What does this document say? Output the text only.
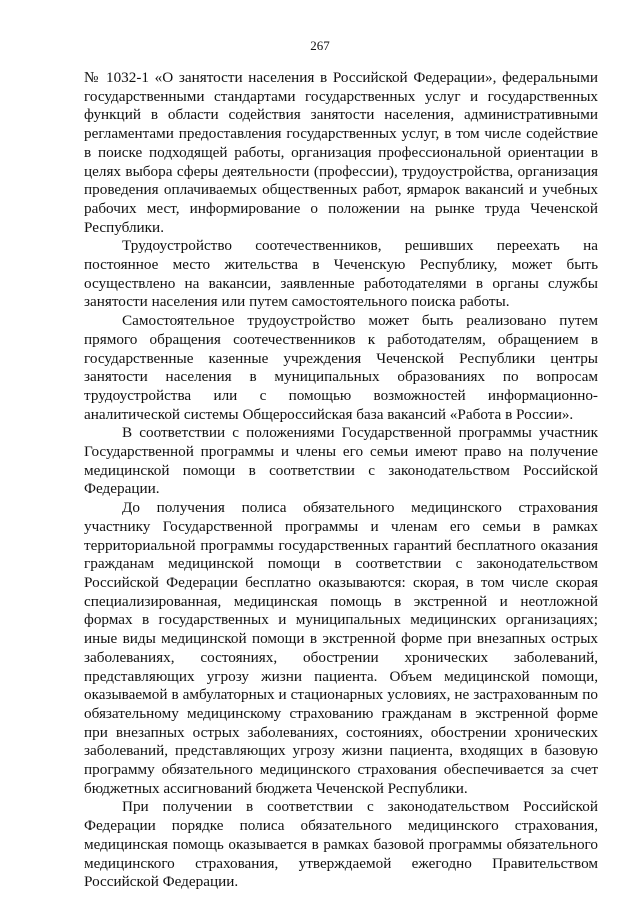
267

№ 1032-1 «О занятости населения в Российской Федерации», федеральными государственными стандартами государственных услуг и государственных функций в области содействия занятости населения, административными регламентами предоставления государственных услуг, в том числе содействие в поиске подходящей работы, организация профессиональной ориентации в целях выбора сферы деятельности (профессии), трудоустройства, организация проведения оплачиваемых общественных работ, ярмарок вакансий и учебных рабочих мест, информирование о положении на рынке труда Чеченской Республики.

Трудоустройство соотечественников, решивших переехать на постоянное место жительства в Чеченскую Республику, может быть осуществлено на вакансии, заявленные работодателями в органы службы занятости населения или путем самостоятельного поиска работы.

Самостоятельное трудоустройство может быть реализовано путем прямого обращения соотечественников к работодателям, обращением в государственные казенные учреждения Чеченской Республики центры занятости населения в муниципальных образованиях по вопросам трудоустройства или с помощью возможностей информационно-аналитической системы Общероссийская база вакансий «Работа в России».

В соответствии с положениями Государственной программы участник Государственной программы и члены его семьи имеют право на получение медицинской помощи в соответствии с законодательством Российской Федерации.

До получения полиса обязательного медицинского страхования участнику Государственной программы и членам его семьи в рамках территориальной программы государственных гарантий бесплатного оказания гражданам медицинской помощи в соответствии с законодательством Российской Федерации бесплатно оказываются: скорая, в том числе скорая специализированная, медицинская помощь в экстренной и неотложной формах в государственных и муниципальных медицинских организациях; иные виды медицинской помощи в экстренной форме при внезапных острых заболеваниях, состояниях, обострении хронических заболеваний, представляющих угрозу жизни пациента. Объем медицинской помощи, оказываемой в амбулаторных и стационарных условиях, не застрахованным по обязательному медицинскому страхованию гражданам в экстренной форме при внезапных острых заболеваниях, состояниях, обострении хронических заболеваний, представляющих угрозу жизни пациента, входящих в базовую программу обязательного медицинского страхования обеспечивается за счет бюджетных ассигнований бюджета Чеченской Республики.

При получении в соответствии с законодательством Российской Федерации порядке полиса обязательного медицинского страхования, медицинская помощь оказывается в рамках базовой программы обязательного медицинского страхования, утверждаемой ежегодно Правительством Российской Федерации.
